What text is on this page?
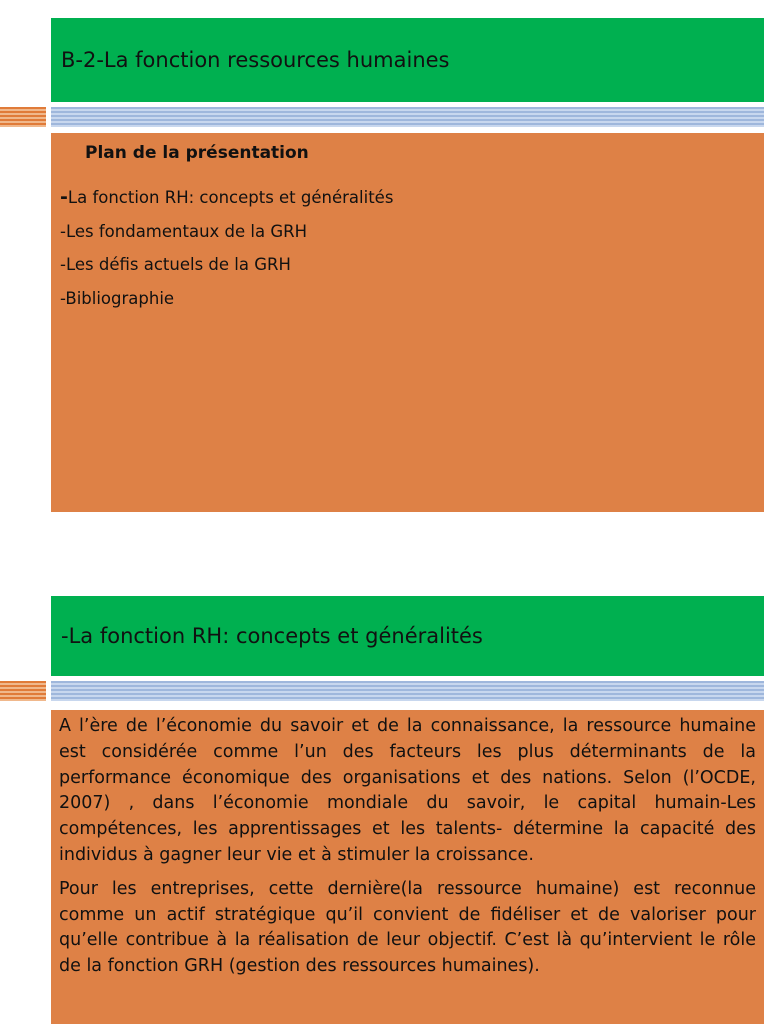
B-2-La fonction ressources humaines
Plan de la présentation
-La fonction RH: concepts et généralités
-Les fondamentaux de la GRH
-Les défis actuels de la GRH
-Bibliographie
-La fonction RH: concepts et généralités

A l’ère de l’économie du savoir et de la connaissance, la ressource humaine est considérée comme l’un des facteurs les plus déterminants de la performance économique des organisations et des nations. Selon (l’OCDE, 2007) , dans l’économie mondiale du savoir, le capital humain-Les compétences, les apprentissages et les talents- détermine la capacité des individus à gagner leur vie et à stimuler la croissance.

Pour les entreprises, cette dernière(la ressource humaine) est reconnue comme un actif stratégique qu’il convient de fidéliser et de valoriser pour qu’elle contribue à la réalisation de leur objectif. C’est là qu’intervient le rôle de la fonction GRH (gestion des ressources humaines).
